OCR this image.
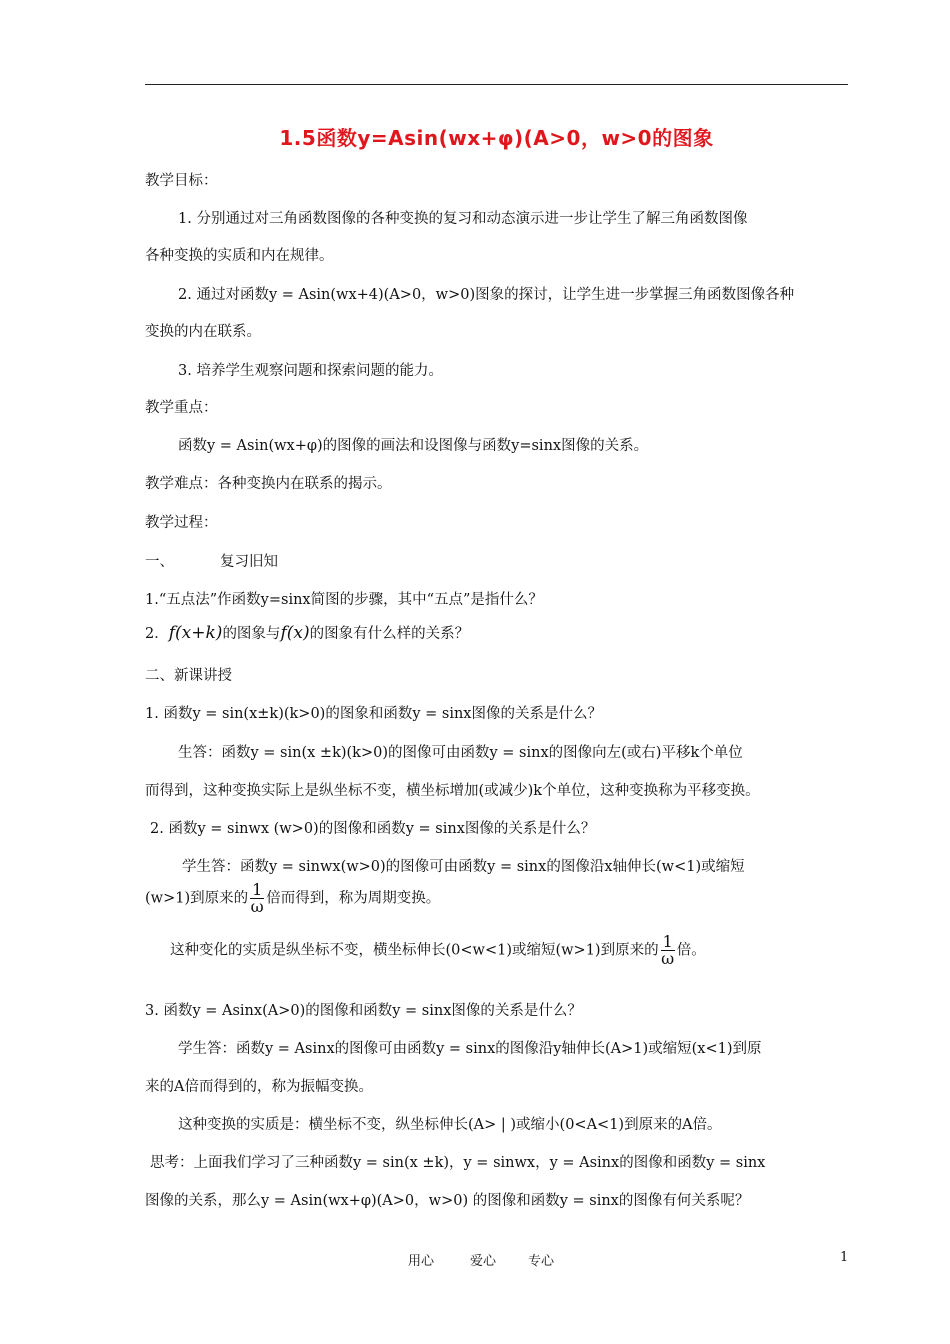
1.5函数y=Asin(wx+φ)(A>0，w>0的图象
教学目标：
1. 分别通过对三角函数图像的各种变换的复习和动态演示进一步让学生了解三角函数图像
各种变换的实质和内在规律。
2. 通过对函数y = Asin(wx+4)(A>0，w>0)图象的探讨，让学生进一步掌握三角函数图像各种
变换的内在联系。
3. 培养学生观察问题和探索问题的能力。
教学重点：
函数y = Asin(wx+φ)的图像的画法和设图像与函数y=sinx图像的关系。
教学难点：各种变换内在联系的揭示。
教学过程：
一、	复习旧知
1.“五点法”作函数y=sinx简图的步骤，其中“五点”是指什么？
2．f(x+k)的图象与f(x)的图象有什么样的关系？
二、新课讲授
1. 函数y = sin(x±k)(k>0)的图象和函数y = sinx图像的关系是什么？
生答：函数y = sin(x ±k)(k>0)的图像可由函数y = sinx的图像向左(或右)平移k个单位
而得到，这种变换实际上是纵坐标不变，横坐标增加(或减少)k个单位，这种变换称为平移变换。
2. 函数y = sinwx (w>0)的图像和函数y = sinx图像的关系是什么？
学生答：函数y = sinwx(w>0)的图像可由函数y = sinx的图像沿x轴伸长(w<1)或缩短
(w>1)到原来的 $\frac{1}{\omega}$ 倍而得到，称为周期变换。
这种变化的实质是纵坐标不变，横坐标伸长(0<w<1)或缩短(w>1)到原来的 $\frac{1}{\omega}$ 倍。
3. 函数y = Asinx(A>0)的图像和函数y = sinx图像的关系是什么？
学生答：函数y = Asinx的图像可由函数y = sinx的图像沿y轴伸长(A>1)或缩短(x<1)到原
来的A倍而得到的，称为振幅变换。
这种变换的实质是：横坐标不变，纵坐标伸长(A> | )或缩小(0<A<1)到原来的A倍。
思考：上面我们学习了三种函数y = sin(x ±k)，y = sinwx，y = Asinx的图像和函数y = sinx
图像的关系，那么y = Asin(wx+φ)(A>0，w>0) 的图像和函数y = sinx的图像有何关系呢？
用心	爱心 专心	1
